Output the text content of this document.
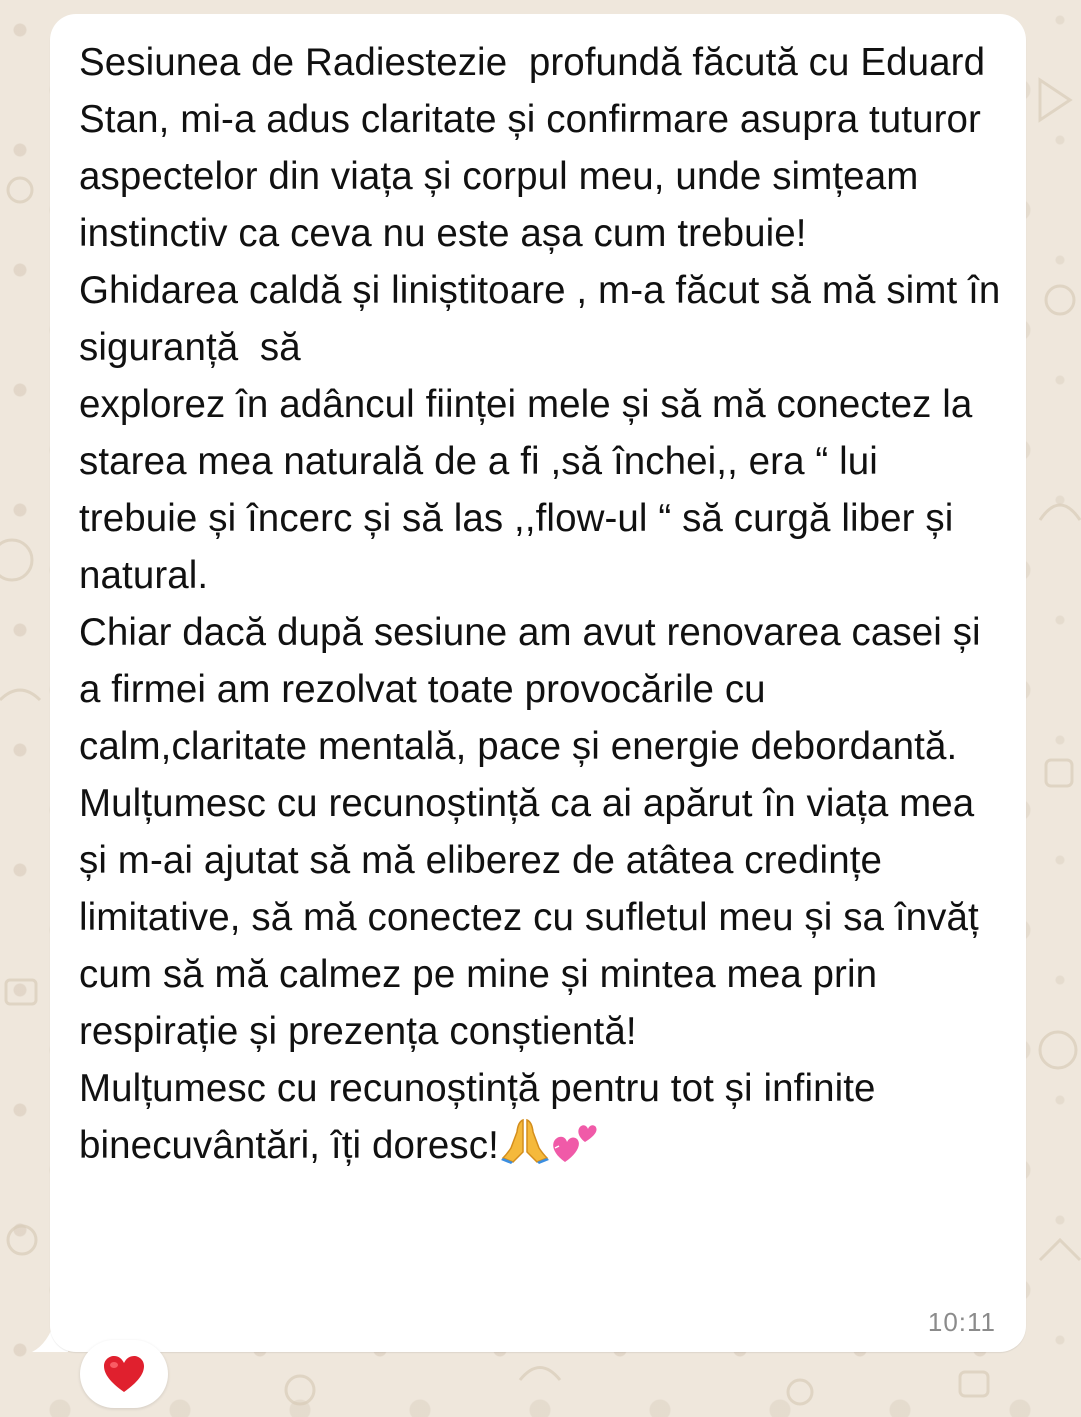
Sesiunea de Radiestezie  profundă făcută cu Eduard Stan, mi-a adus claritate și confirmare asupra tuturor aspectelor din viața și corpul meu, unde simțeam instinctiv ca ceva nu este așa cum trebuie!
Ghidarea caldă și liniștitoare , m-a făcut să mă simt în siguranță  să
explorez în adâncul ființei mele și să mă conectez la starea mea naturală de a fi ,să închei,, era “ lui trebuie și încerc și să las ,,flow-ul “ să curgă liber și natural.
Chiar dacă după sesiune am avut renovarea casei și a firmei am rezolvat toate provocările cu calm,claritate mentală, pace și energie debordantă.
Mulțumesc cu recunoștință ca ai apărut în viața mea și m-ai ajutat să mă eliberez de atâtea credințe limitative, să mă conectez cu sufletul meu și sa învăț cum să mă calmez pe mine și mintea mea prin respirație și prezența conștientă!
Mulțumesc cu recunoștință pentru tot și infinite binecuvântări, îți doresc!

10:11
